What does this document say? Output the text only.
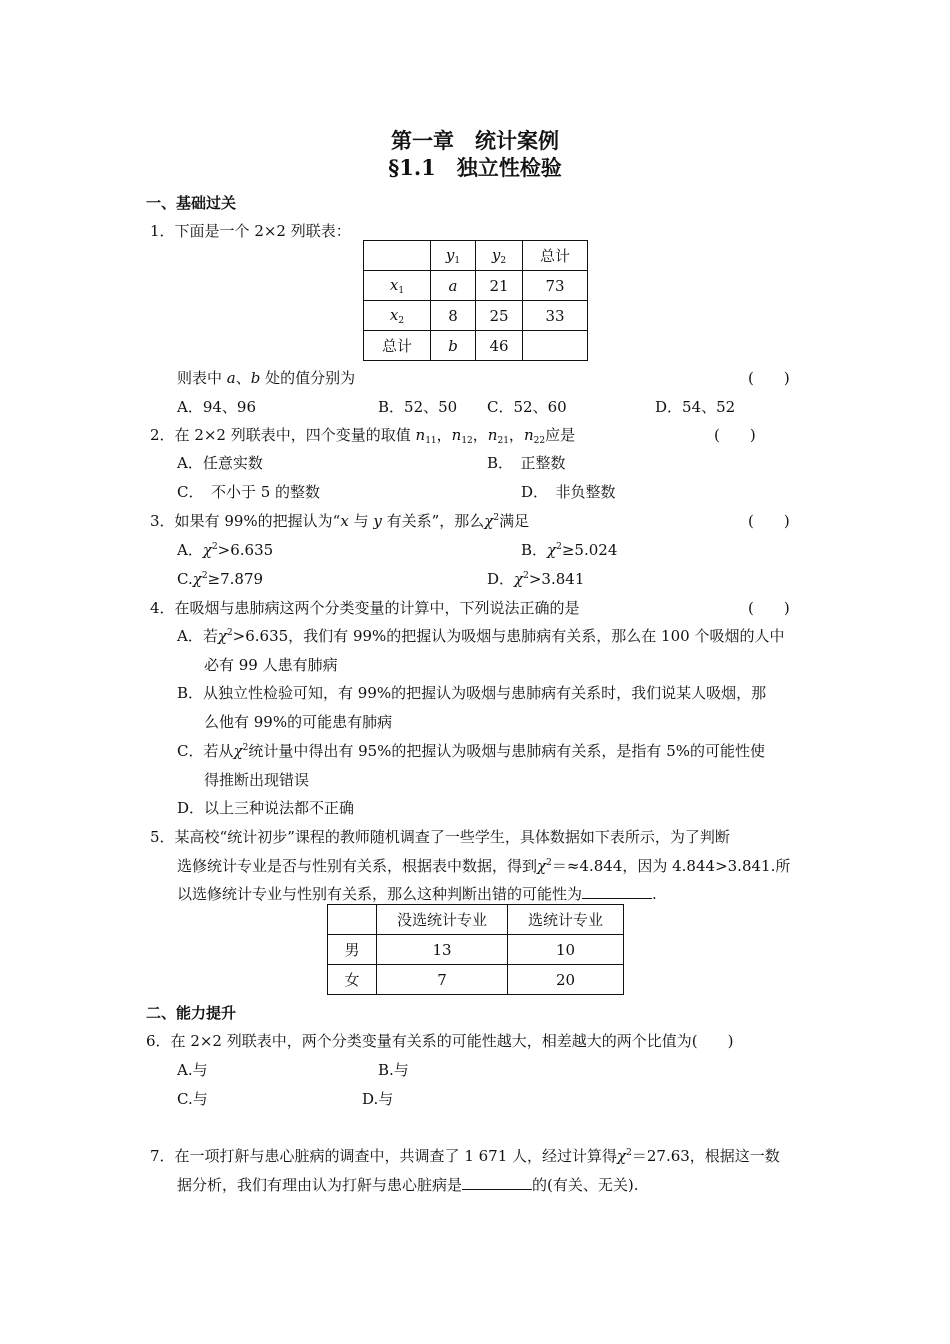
第一章　统计案例
§1.1　独立性检验
一、基础过关
1．下面是一个 2×2 列联表：
	$y_1$	$y_2$	总计
$x_1$	a	21	73
$x_2$	8	25	33
总计	b	46	
则表中 a、b 处的值分别为	(　　)
A．94、96	B．52、50 C．52、60	D．54、52
2．在 2×2 列联表中，四个变量的取值 $n_{11}$，$n_{12}$，$n_{21}$，$n_{22}$应是	(　　)
A．任意实数	B．　正整数
C．　不小于 5 的整数	D．　非负整数
3．如果有 99%的把握认为“x 与 y 有关系”，那么$\chi^2$满足	(　　)
A．$\chi^2>6.635$	B．$\chi^2\ge 5.024$
$C.\chi^2\ge 7.879$	D．$\chi^2>3.841$
4．在吸烟与患肺病这两个分类变量的计算中，下列说法正确的是	(　　)
A．若$\chi^2>6.635$，我们有 99%的把握认为吸烟与患肺病有关系，那么在 100 个吸烟的人中
必有 99 人患有肺病
B．从独立性检验可知，有 99%的把握认为吸烟与患肺病有关系时，我们说某人吸烟，那
么他有 99%的可能患有肺病
C．若从$\chi^2$统计量中得出有 95%的把握认为吸烟与患肺病有关系，是指有 5%的可能性使
得推断出现错误
D．以上三种说法都不正确
5．某高校“统计初步”课程的教师随机调查了一些学生，具体数据如下表所示，为了判断
选修统计专业是否与性别有关系，根据表中数据，得到$\chi^2=\approx 4.844$，因为 4.844>3.841.所
以选修统计专业与性别有关系，那么这种判断出错的可能性为	.
	没选统计专业	选统计专业
男	13	10
女	7	20
二、能力提升
6．在 2×2 列联表中，两个分类变量有关系的可能性越大，相差越大的两个比值为(　　)
A.与	B.与
C.与	D.与
7．在一项打鼾与患心脏病的调查中，共调查了 1 671 人，经过计算得$\chi^2=27.63$，根据这一数
据分析，我们有理由认为打鼾与患心脏病是	的(有关、无关).
